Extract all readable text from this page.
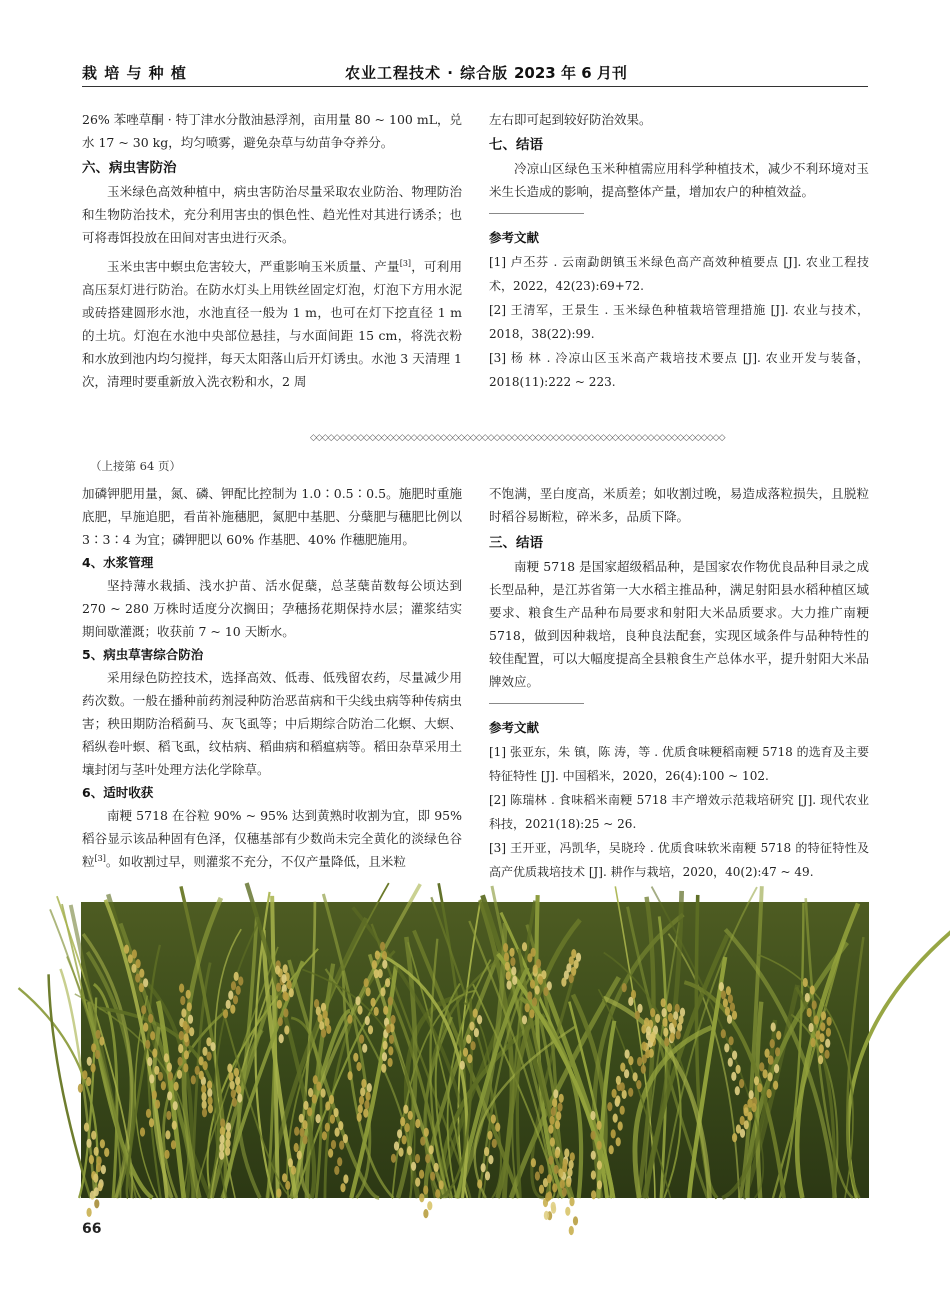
栽 培 与 种 植	农业工程技术 · 综合版 2023 年 6 月刊

26% 苯唑草酮 · 特丁津水分散油悬浮剂，亩用量 80 ~ 100 mL，兑水 17 ~ 30 kg，均匀喷雾，避免杂草与幼苗争夺养分。

六、病虫害防治

玉米绿色高效种植中，病虫害防治尽量采取农业防治、物理防治和生物防治技术，充分利用害虫的惧色性、趋光性对其进行诱杀；也可将毒饵投放在田间对害虫进行灭杀。

玉米虫害中螟虫危害较大，严重影响玉米质量、产量[3]，可利用高压泵灯进行防治。在防水灯头上用铁丝固定灯泡，灯泡下方用水泥或砖搭建圆形水池，水池直径一般为 1 m，也可在灯下挖直径 1 m 的土坑。灯泡在水池中央部位悬挂，与水面间距 15 cm，将洗衣粉和水放到池内均匀搅拌，每天太阳落山后开灯诱虫。水池 3 天清理 1 次，清理时要重新放入洗衣粉和水，2 周

左右即可起到较好防治效果。

七、结语

冷凉山区绿色玉米种植需应用科学种植技术，减少不利环境对玉米生长造成的影响，提高整体产量，增加农户的种植效益。

参考文献

[1] 卢丕芬 . 云南勐朗镇玉米绿色高产高效种植要点 [J]. 农业工程技术，2022，42(23):69+72.

[2] 王清军，王景生 . 玉米绿色种植栽培管理措施 [J]. 农业与技术，2018，38(22):99.

[3] 杨 林 . 冷凉山区玉米高产栽培技术要点 [J]. 农业开发与装备，2018(11):222 ~ 223.

◇◇◇◇◇◇◇◇◇◇◇◇◇◇◇◇◇◇◇◇◇◇◇◇◇◇◇◇◇◇◇◇◇◇◇◇◇◇◇◇◇◇◇◇◇◇◇◇◇◇◇◇◇◇◇◇◇◇◇◇◇◇◇◇◇◇◇◇◇◇
（上接第 64 页）

加磷钾肥用量，氮、磷、钾配比控制为 1.0∶0.5∶0.5。施肥时重施底肥，早施追肥，看苗补施穗肥，氮肥中基肥、分蘖肥与穗肥比例以 3∶3∶4 为宜；磷钾肥以 60% 作基肥、40% 作穗肥施用。

4、水浆管理

坚持薄水栽插、浅水护苗、活水促蘖，总茎蘖苗数每公顷达到 270 ~ 280 万株时适度分次搁田；孕穗扬花期保持水层；灌浆结实期间歇灌溉；收获前 7 ~ 10 天断水。

5、病虫草害综合防治

采用绿色防控技术，选择高效、低毒、低残留农药，尽量减少用药次数。一般在播种前药剂浸种防治恶苗病和干尖线虫病等种传病虫害；秧田期防治稻蓟马、灰飞虱等；中后期综合防治二化螟、大螟、稻纵卷叶螟、稻飞虱，纹枯病、稻曲病和稻瘟病等。稻田杂草采用土壤封闭与茎叶处理方法化学除草。

6、适时收获

南粳 5718 在谷粒 90% ~ 95% 达到黄熟时收割为宜，即 95% 稻谷显示该品种固有色泽，仅穗基部有少数尚未完全黄化的淡绿色谷粒[3]。如收割过早，则灌浆不充分，不仅产量降低，且米粒

不饱满，垩白度高，米质差；如收割过晚，易造成落粒损失，且脱粒时稻谷易断粒，碎米多，品质下降。

三、结语

南粳 5718 是国家超级稻品种，是国家农作物优良品种目录之成长型品种，是江苏省第一大水稻主推品种，满足射阳县水稻种植区域要求、粮食生产品种布局要求和射阳大米品质要求。大力推广南粳 5718，做到因种栽培，良种良法配套，实现区域条件与品种特性的较佳配置，可以大幅度提高全县粮食生产总体水平，提升射阳大米品牌效应。

参考文献

[1] 张亚东，朱 镇，陈 涛，等 . 优质食味粳稻南粳 5718 的选育及主要特征特性 [J]. 中国稻米，2020，26(4):100 ~ 102.

[2] 陈瑞林 . 食味稻米南粳 5718 丰产增效示范栽培研究 [J]. 现代农业科技，2021(18):25 ~ 26.

[3] 王开亚，冯凯华，吴晓玲 . 优质食味软米南粳 5718 的特征特性及高产优质栽培技术 [J]. 耕作与栽培，2020，40(2):47 ~ 49.

66
